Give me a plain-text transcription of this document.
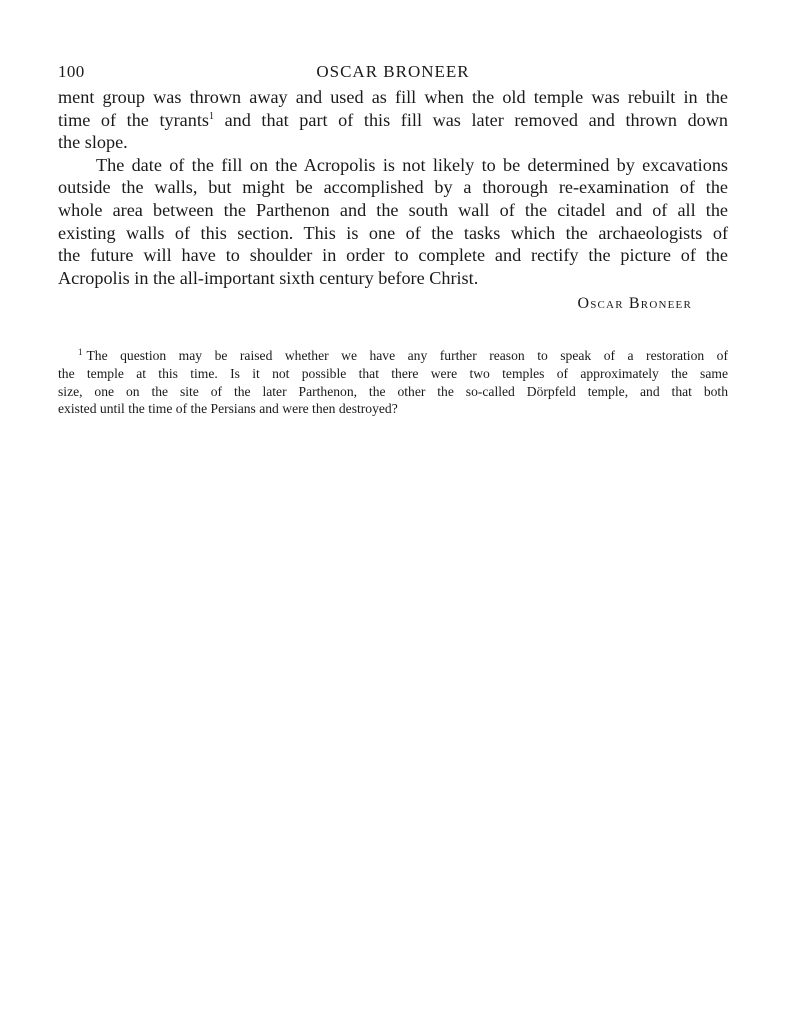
100	OSCAR BRONEER
ment group was thrown away and used as fill when the old temple was rebuilt in the
time of the tyrants$^1$ and that part of this fill was later removed and thrown down
the slope.
The date of the fill on the Acropolis is not likely to be determined by excavations
outside the walls, but might be accomplished by a thorough re-examination of the
whole area between the Parthenon and the south wall of the citadel and of all the
existing walls of this section. This is one of the tasks which the archaeologists of
the future will have to shoulder in order to complete and rectify the picture of the
Acropolis in the all-important sixth century before Christ.
Oscar Broneer
$^1$ The question may be raised whether we have any further reason to speak of a restoration of
the temple at this time. Is it not possible that there were two temples of approximately the same
size, one on the site of the later Parthenon, the other the so-called Dörpfeld temple, and that both
existed until the time of the Persians and were then destroyed?
